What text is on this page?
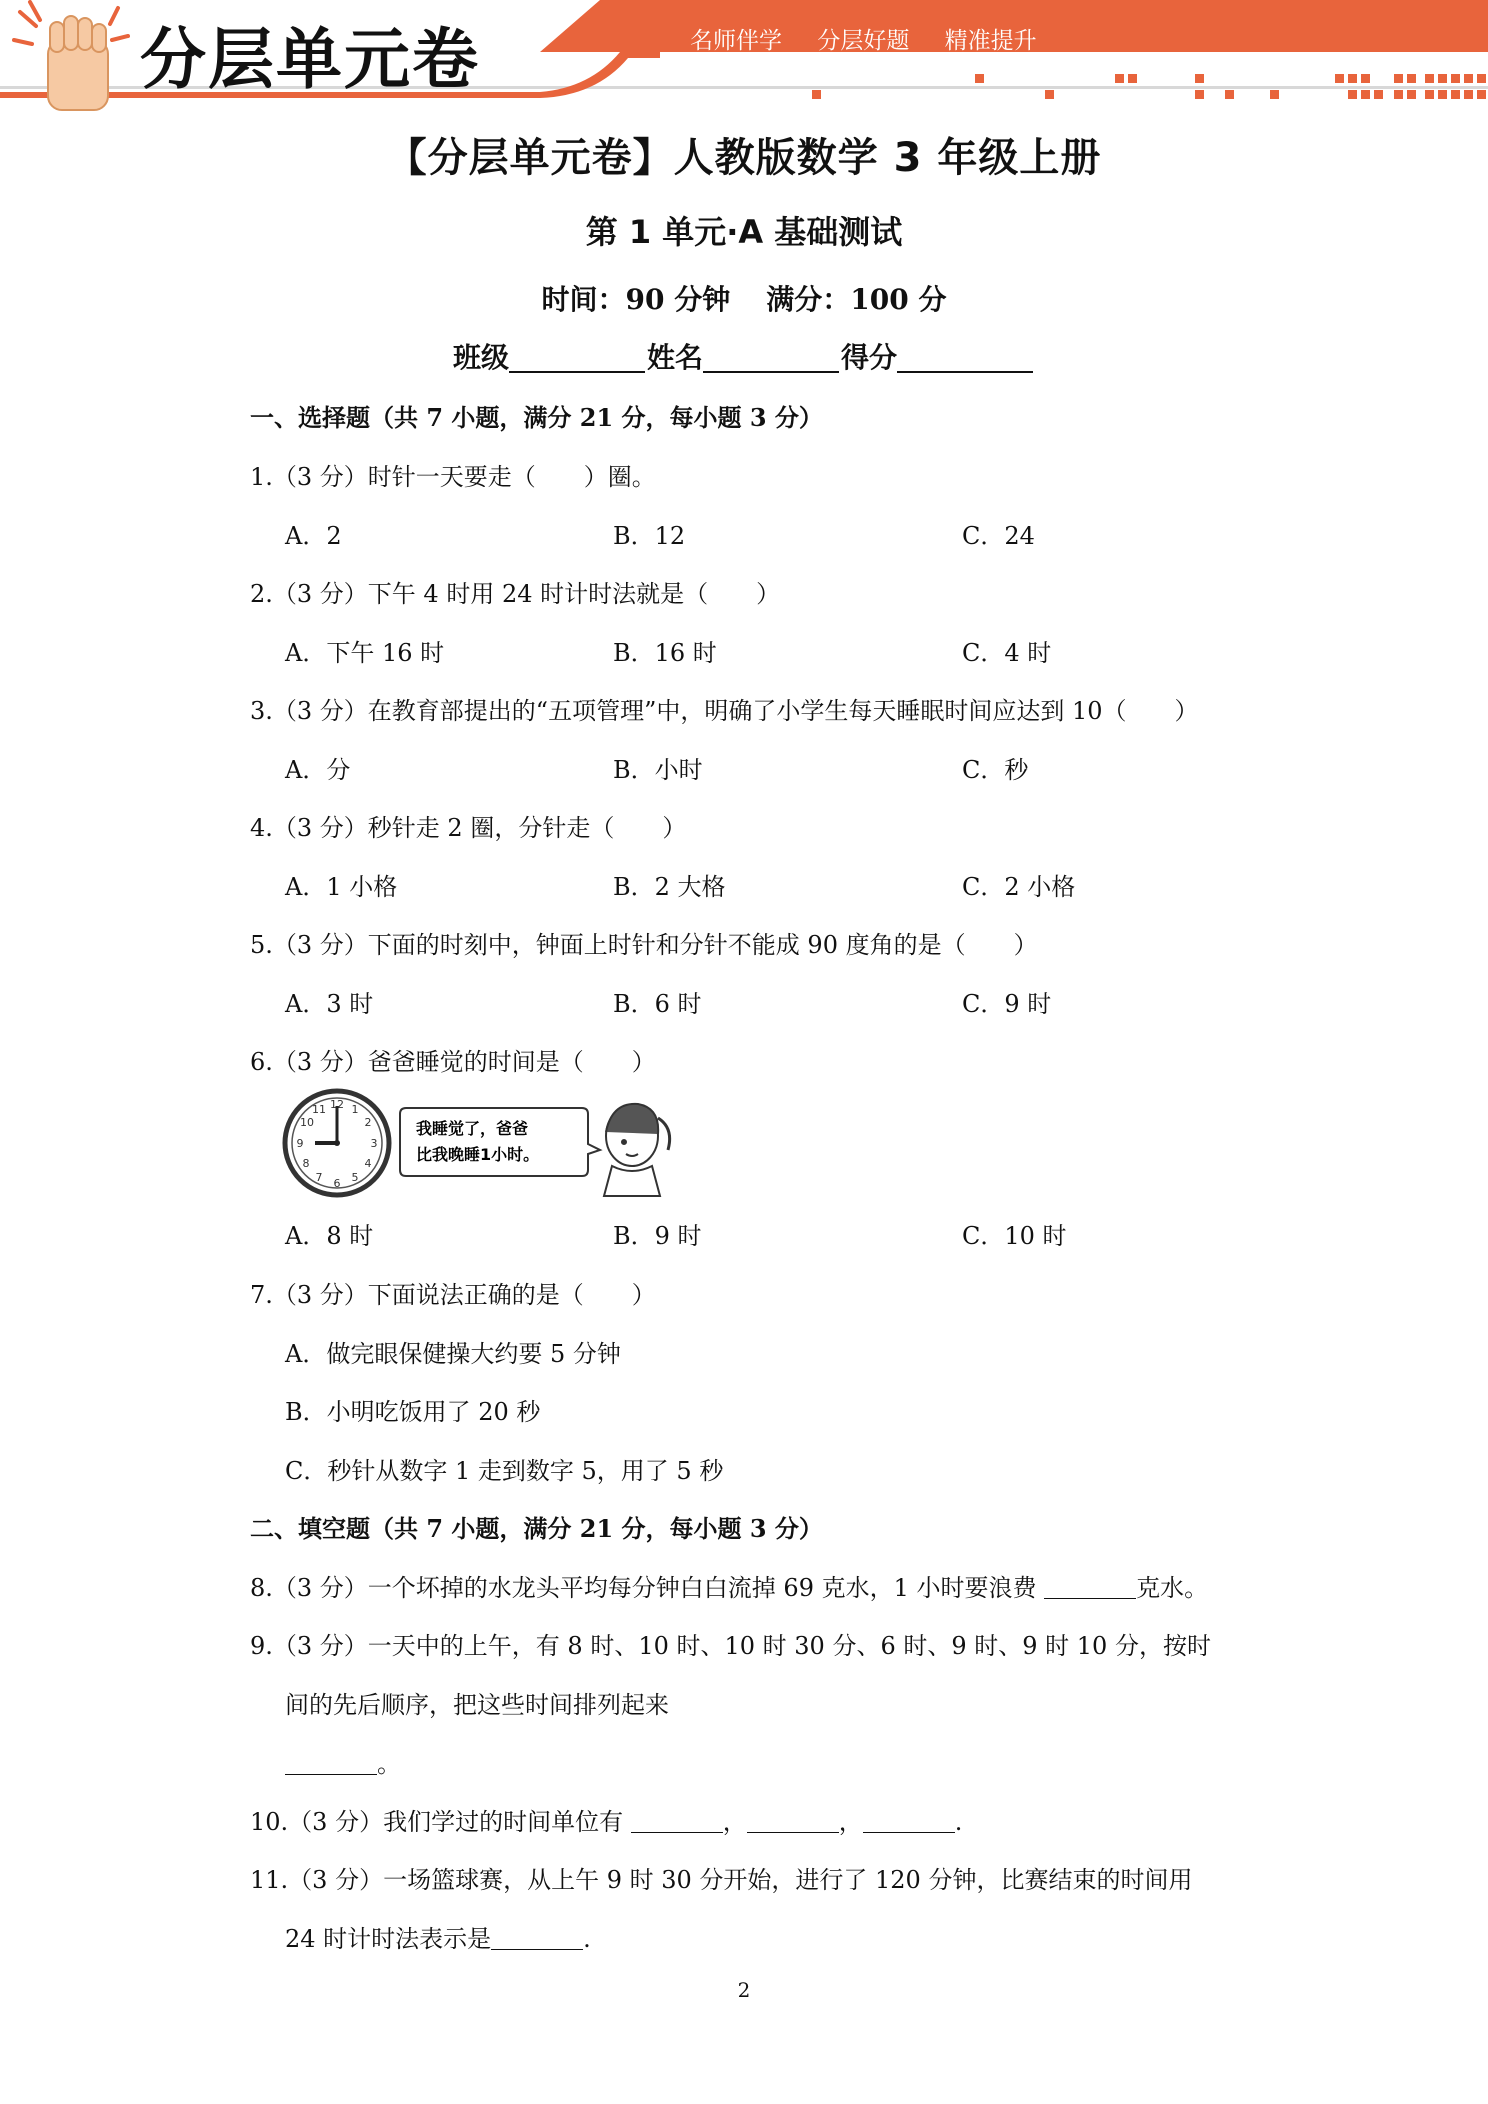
分层单元卷	名师伴学 分层好题 精准提升
【分层单元卷】人教版数学 3 年级上册
第 1 单元·A 基础测试
时间：90 分钟 满分：100 分
班级	姓名	得分
一、选择题（共 7 小题，满分 21 分，每小题 3 分）
1.（3 分）时针一天要走（　　）圈。
A．2	B．12	C．24
2.（3 分）下午 4 时用 24 时计时法就是（　　）
A．下午 16 时	B．16 时	C．4 时
3.（3 分）在教育部提出的“五项管理”中，明确了小学生每天睡眠时间应达到 10（　　）
A．分	B．小时	C．秒
4.（3 分）秒针走 2 圈，分针走（　　）
A．1 小格	B．2 大格	C．2 小格
5.（3 分）下面的时刻中，钟面上时针和分针不能成 90 度角的是（　　）
A．3 时	B．6 时	C．9 时
6.（3 分）爸爸睡觉的时间是（　　）
12 1
2
3
4
5
6
7
8
9
10
11
我睡觉了，爸爸
比我晚睡1小时。
A．8 时	B．9 时	C．10 时
7.（3 分）下面说法正确的是（　　）
A．做完眼保健操大约要 5 分钟
B．小明吃饭用了 20 秒
C．秒针从数字 1 走到数字 5，用了 5 秒
二、填空题（共 7 小题，满分 21 分，每小题 3 分）
8.（3 分）一个坏掉的水龙头平均每分钟白白流掉 69 克水，1 小时要浪费	克水。
9.（3 分）一天中的上午，有 8 时、10 时、10 时 30 分、6 时、9 时、9 时 10 分，按时
间的先后顺序，把这些时间排列起来
。
10.（3 分）我们学过的时间单位有	，	，	.
11.（3 分）一场篮球赛，从上午 9 时 30 分开始，进行了 120 分钟，比赛结束的时间用
24 时计时法表示是	.
2
